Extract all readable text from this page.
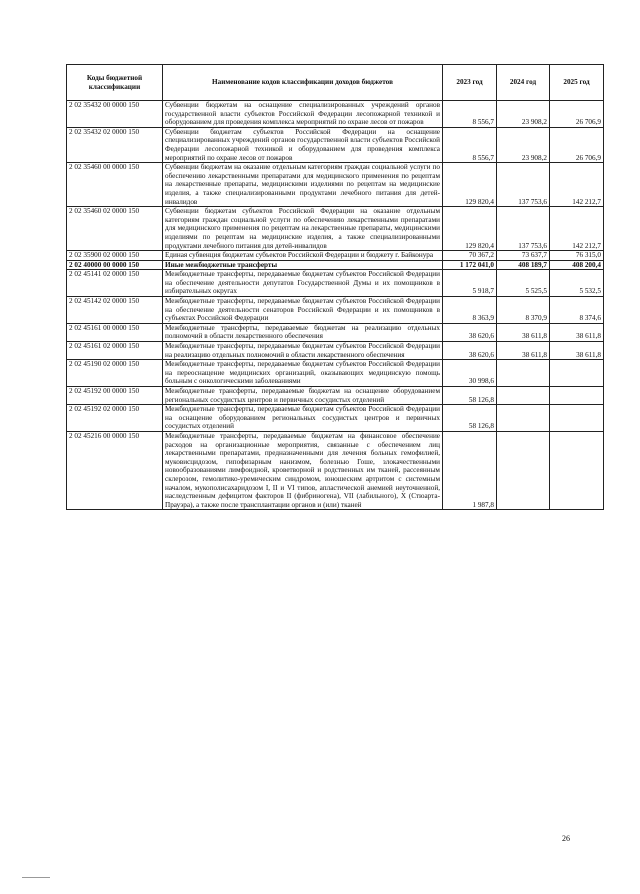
Коды бюджетной классификации	Наименование кодов классификации доходов бюджетов	2023 год	2024 год	2025 год
2 02 35432 00 0000 150	Субвенции бюджетам на оснащение специализированных учреждений органов государственной власти субъектов Российской Федерации лесопожарной техникой и оборудованием для проведения комплекса мероприятий по охране лесов от пожаров	8 556,7	23 908,2	26 706,9
2 02 35432 02 0000 150	Субвенции бюджетам субъектов Российской Федерации на оснащение специализированных учреждений органов государственной власти субъектов Российской Федерации лесопожарной техникой и оборудованием для проведения комплекса мероприятий по охране лесов от пожаров	8 556,7	23 908,2	26 706,9
2 02 35460 00 0000 150	Субвенции бюджетам на оказание отдельным категориям граждан социальной услуги по обеспечению лекарственными препаратами для медицинского применения по рецептам на лекарственные препараты, медицинскими изделиями по рецептам на медицинские изделия, а также специализированными продуктами лечебного питания для детей-инвалидов	129 820,4	137 753,6	142 212,7
2 02 35460 02 0000 150	Субвенции бюджетам субъектов Российской Федерации на оказание отдельным категориям граждан социальной услуги по обеспечению лекарственными препаратами для медицинского применения по рецептам на лекарственные препараты, медицинскими изделиями по рецептам на медицинские изделия, а также специализированными продуктами лечебного питания для детей-инвалидов	129 820,4	137 753,6	142 212,7
2 02 35900 02 0000 150	Единая субвенция бюджетам субъектов Российской Федерации и бюджету г. Байконура	70 367,2	73 637,7	76 315,0
2 02 40000 00 0000 150	Иные межбюджетные трансферты	1 172 041,0	408 189,7	408 200,4
2 02 45141 02 0000 150	Межбюджетные трансферты, передаваемые бюджетам субъектов Российской Федерации на обеспечение деятельности депутатов Государственной Думы и их помощников в избирательных округах	5 918,7	5 525,5	5 532,5
2 02 45142 02 0000 150	Межбюджетные трансферты, передаваемые бюджетам субъектов Российской Федерации на обеспечение деятельности сенаторов Российской Федерации и их помощников в субъектах Российской Федерации	8 363,9	8 370,9	8 374,6
2 02 45161 00 0000 150	Межбюджетные трансферты, передаваемые бюджетам на реализацию отдельных полномочий в области лекарственного обеспечения	38 620,6	38 611,8	38 611,8
2 02 45161 02 0000 150	Межбюджетные трансферты, передаваемые бюджетам субъектов Российской Федерации на реализацию отдельных полномочий в области лекарственного обеспечения	38 620,6	38 611,8	38 611,8
2 02 45190 02 0000 150	Межбюджетные трансферты, передаваемые бюджетам субъектов Российской Федерации на переоснащение медицинских организаций, оказывающих медицинскую помощь больным с онкологическими заболеваниями	30 998,6		
2 02 45192 00 0000 150	Межбюджетные трансферты, передаваемые бюджетам на оснащение оборудованием региональных сосудистых центров и первичных сосудистых отделений	58 126,8		
2 02 45192 02 0000 150	Межбюджетные трансферты, передаваемые бюджетам субъектов Российской Федерации на оснащение оборудованием региональных сосудистых центров и первичных сосудистых отделений	58 126,8		
2 02 45216 00 0000 150	Межбюджетные трансферты, передаваемые бюджетам на финансовое обеспечение расходов на организационные мероприятия, связанные с обеспечением лиц лекарственными препаратами, предназначенными для лечения больных гемофилией, муковисцидозом, гипофизарным нанизмом, болезнью Гоше, злокачественными новообразованиями лимфоидной, кроветворной и родственных им тканей, рассеянным склерозом, гемолитико-уремическим синдромом, юношеским артритом с системным началом, мукополисахаридозом I, II и VI типов, апластической анемией неуточненной, наследственным дефицитом факторов II (фибриногена), VII (лабильного), X (Стюарта-Прауэра), а также после трансплантации органов и (или) тканей	1 987,8		
26
